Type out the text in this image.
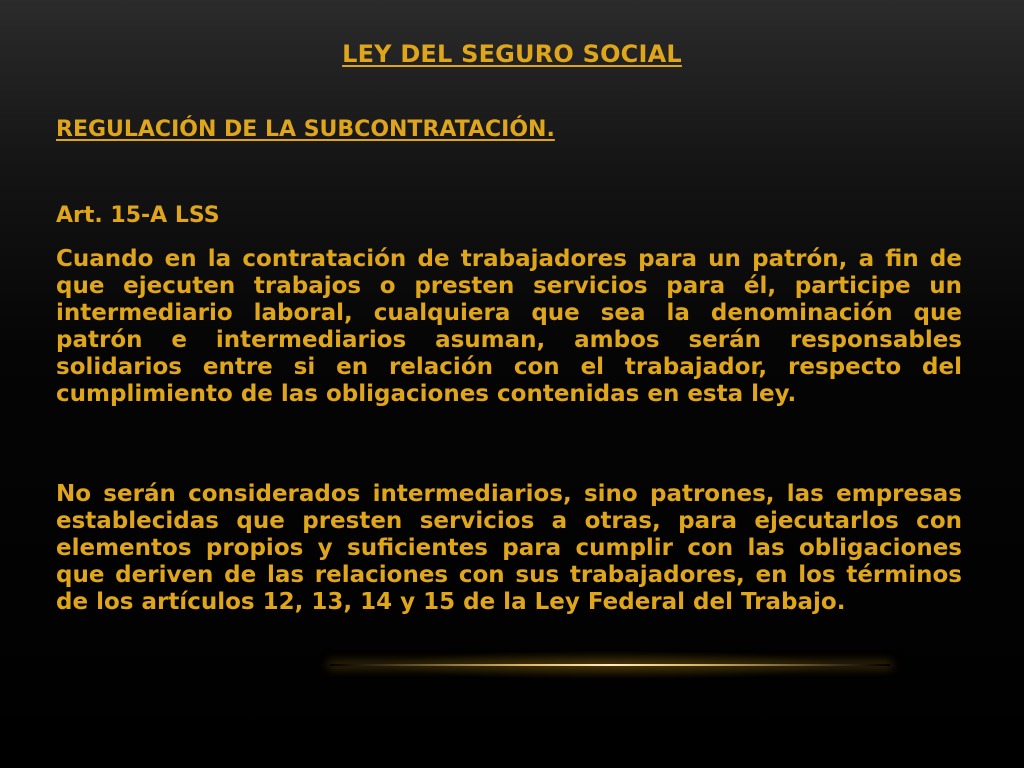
LEY DEL SEGURO SOCIAL
REGULACIÓN DE LA SUBCONTRATACIÓN.

Art. 15-A LSS

Cuando en la contratación de trabajadores para un patrón, a fin de que ejecuten trabajos o presten servicios para él, participe un intermediario laboral, cualquiera que sea la denominación que patrón e intermediarios asuman, ambos serán responsables solidarios entre si en relación con el trabajador, respecto del cumplimiento de las obligaciones contenidas en esta ley.

No serán considerados intermediarios, sino patrones, las empresas establecidas que presten servicios a otras, para ejecutarlos con elementos propios y suficientes para cumplir con las obligaciones que deriven de las relaciones con sus trabajadores, en los términos de los artículos 12, 13, 14 y 15 de la Ley Federal del Trabajo.
